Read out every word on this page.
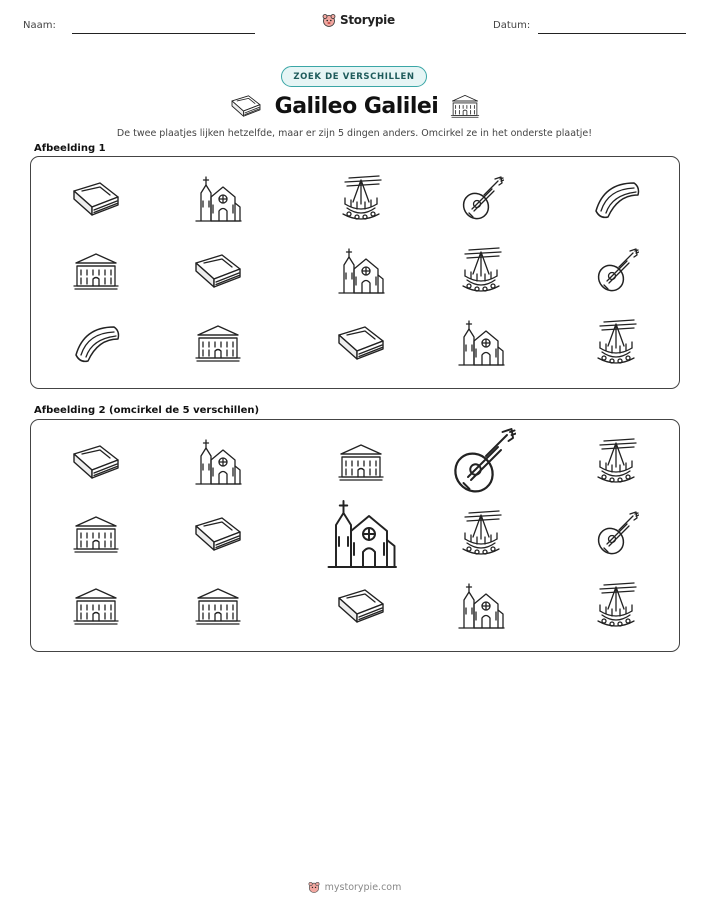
Naam:	Storypie	Datum:
ZOEK DE VERSCHILLEN
Galileo Galilei
De twee plaatjes lijken hetzelfde, maar er zijn 5 dingen anders. Omcirkel ze in het onderste plaatje!
Afbeelding 1
Afbeelding 2 (omcirkel de 5 verschillen)
mystorypie.com
